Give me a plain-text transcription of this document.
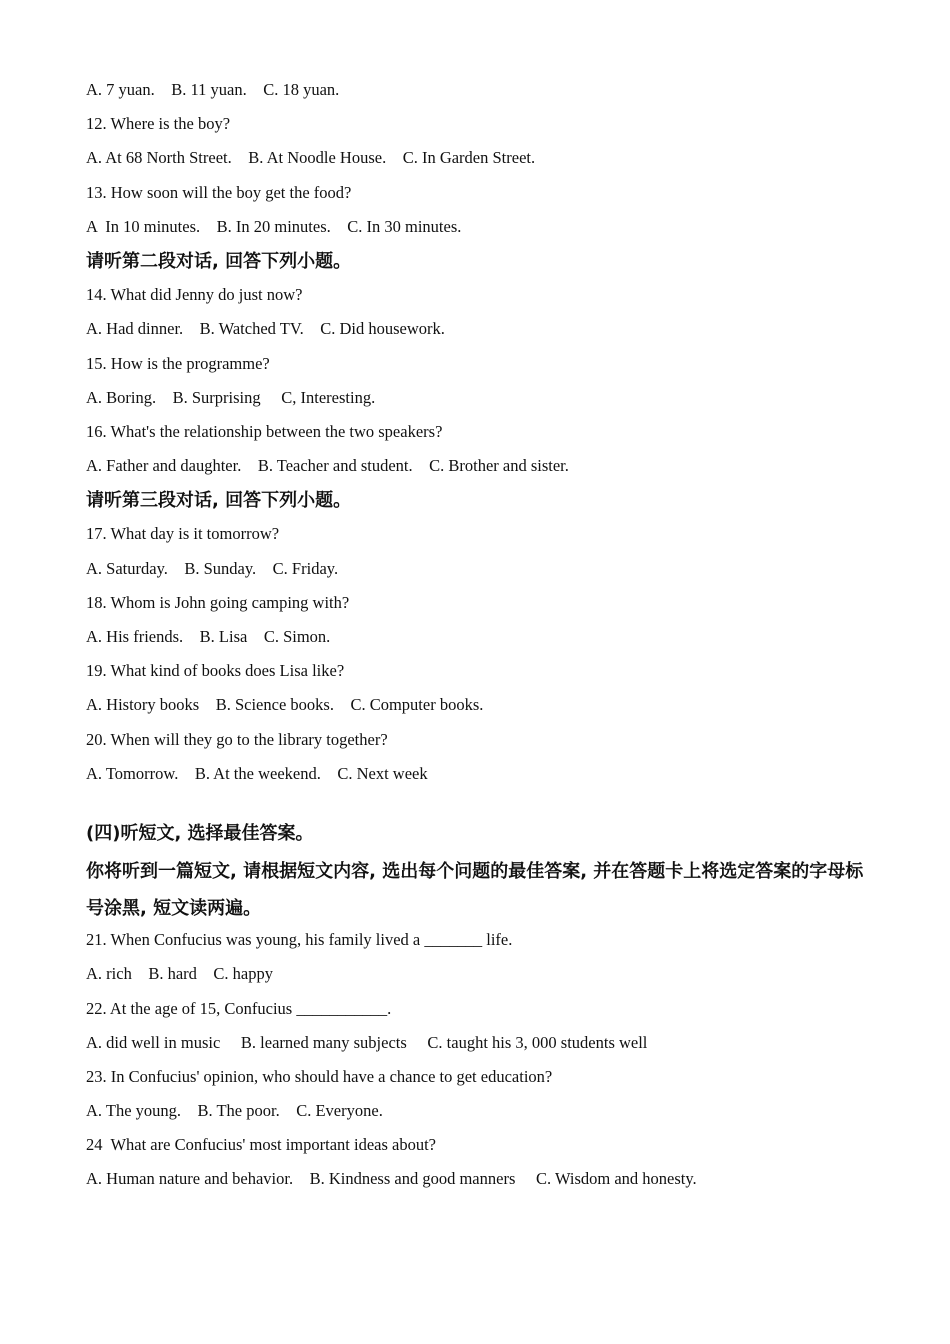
A. 7 yuan.    B. 11 yuan.    C. 18 yuan.
12. Where is the boy?
A. At 68 North Street.    B. At Noodle House.    C. In Garden Street.
13. How soon will the boy get the food?
A  In 10 minutes.    B. In 20 minutes.    C. In 30 minutes.
请听第二段对话, 回答下列小题。
14. What did Jenny do just now?
A. Had dinner.    B. Watched TV.    C. Did housework.
15. How is the programme?
A. Boring.    B. Surprising     C, Interesting.
16. What's the relationship between the two speakers?
A. Father and daughter.    B. Teacher and student.    C. Brother and sister.
请听第三段对话, 回答下列小题。
17. What day is it tomorrow?
A. Saturday.    B. Sunday.    C. Friday.
18. Whom is John going camping with?
A. His friends.    B. Lisa    C. Simon.
19. What kind of books does Lisa like?
A. History books    B. Science books.    C. Computer books.
20. When will they go to the library together?
A. Tomorrow.    B. At the weekend.    C. Next week
(四)听短文, 选择最佳答案。
你将听到一篇短文, 请根据短文内容, 选出每个问题的最佳答案, 并在答题卡上将选定答案的字母标号涂黑, 短文读两遍。
21. When Confucius was young, his family lived a _______ life.
A. rich    B. hard    C. happy
22. At the age of 15, Confucius ___________.
A. did well in music     B. learned many subjects     C. taught his 3, 000 students well
23. In Confucius' opinion, who should have a chance to get education?
A. The young.    B. The poor.    C. Everyone.
24  What are Confucius' most important ideas about?
A. Human nature and behavior.    B. Kindness and good manners     C. Wisdom and honesty.
